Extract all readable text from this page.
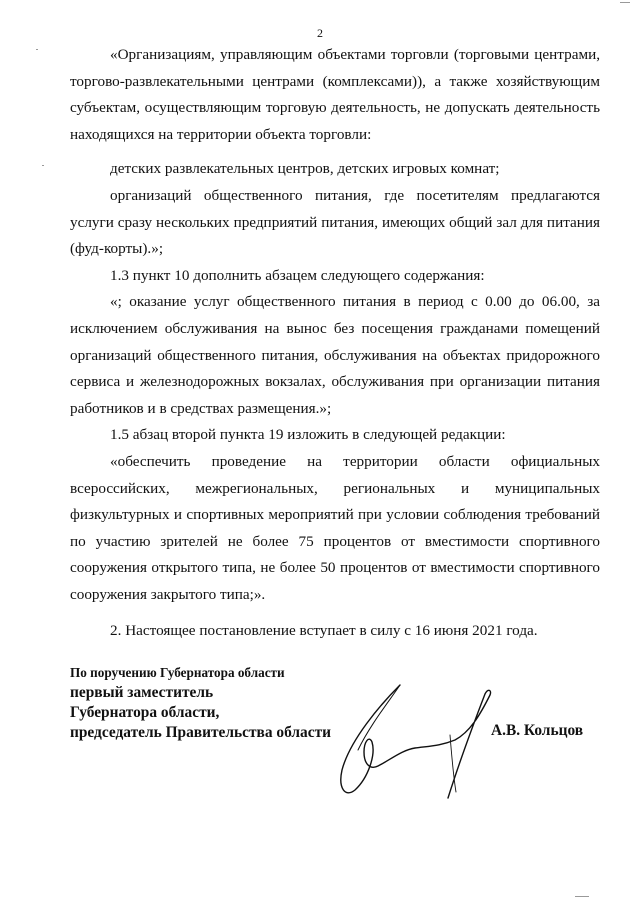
2

«Организациям, управляющим объектами торговли (торговыми центрами, торгово-развлекательными центрами (комплексами)), а также хозяйствующим субъектам, осуществляющим торговую деятельность, не допускать деятельность находящихся на территории объекта торговли:

детских развлекательных центров, детских игровых комнат;

организаций общественного питания, где посетителям предлагаются услуги сразу нескольких предприятий питания, имеющих общий зал для питания (фуд-корты).»;

1.3 пункт 10 дополнить абзацем следующего содержания:

«; оказание услуг общественного питания в период с 0.00 до 06.00, за исключением обслуживания на вынос без посещения гражданами помещений организаций общественного питания, обслуживания на объектах придорожного сервиса и железнодорожных вокзалах, обслуживания при организации питания работников и в средствах размещения.»;

1.5 абзац второй пункта 19 изложить в следующей редакции:

«обеспечить проведение на территории области официальных всероссийских, межрегиональных, региональных и муниципальных физкультурных и спортивных мероприятий при условии соблюдения требований по участию зрителей не более 75 процентов от вместимости спортивного сооружения открытого типа, не более 50 процентов от вместимости спортивного сооружения закрытого типа;».

2. Настоящее постановление вступает в силу с 16 июня 2021 года.

По поручению Губернатора области
первый заместитель
Губернатора области,
председатель Правительства области	А.В. Кольцов
